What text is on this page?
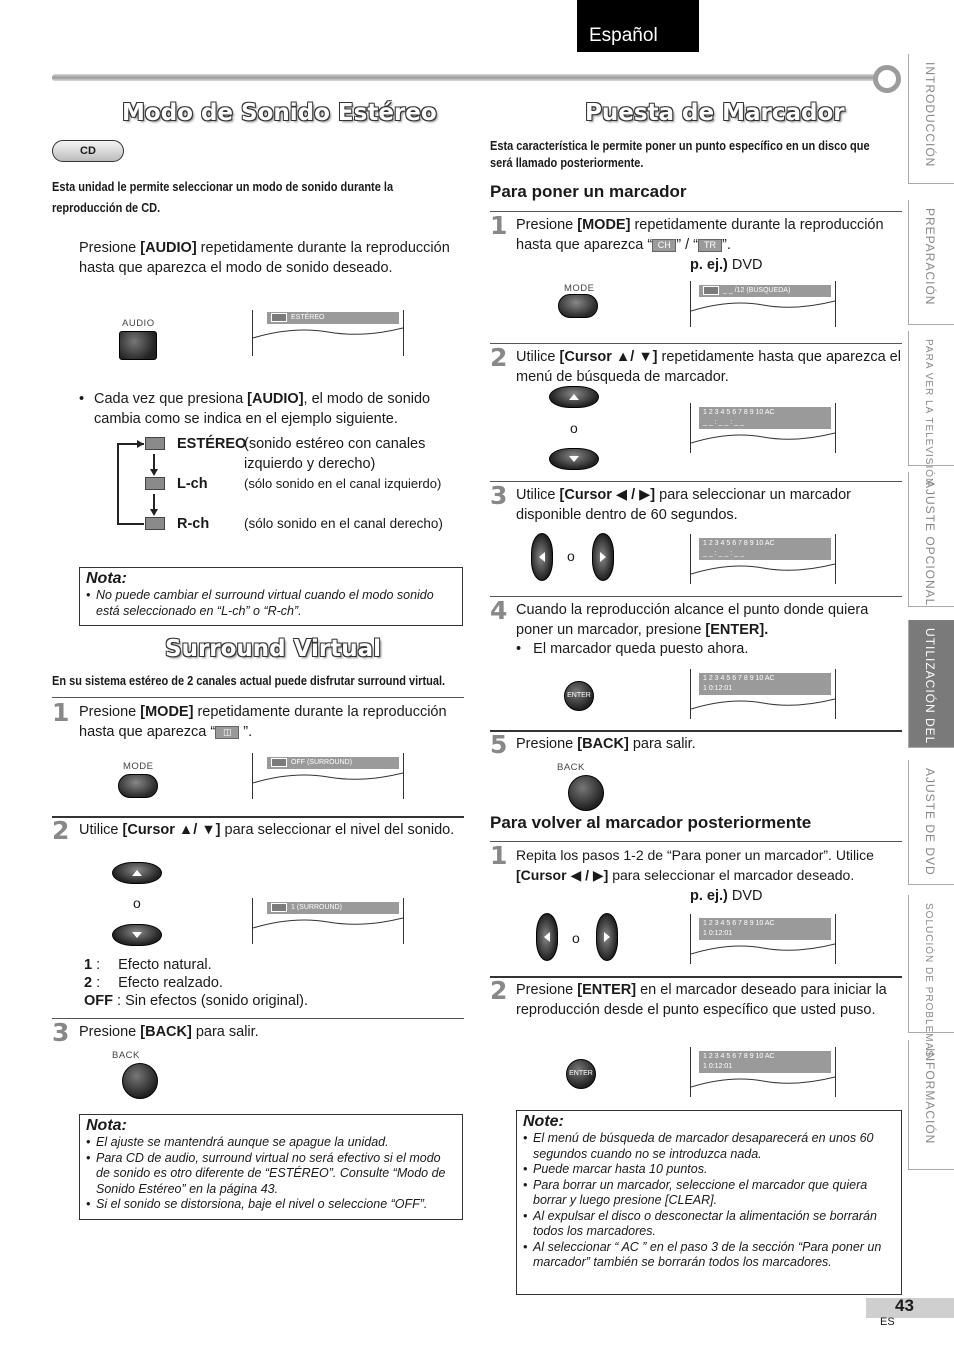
Español
Modo de Sonido Estéreo
CD
Esta unidad le permite seleccionar un modo de sonido durante la reproducción de CD.
Presione [AUDIO] repetidamente durante la reproducción hasta que aparezca el modo de sonido deseado.
AUDIO
ESTÉREO
• Cada vez que presiona [AUDIO], el modo de sonido cambia como se indica en el ejemplo siguiente.
ESTÉREO
(sonido estéreo con canales izquierdo y derecho)
L-ch	(sólo sonido en el canal izquierdo)
R-ch	(sólo sonido en el canal derecho)
Nota:
• No puede cambiar el surround virtual cuando el modo sonido está seleccionado en “L-ch” o “R-ch”.
Surround Virtual
En su sistema estéreo de 2 canales actual puede disfrutar surround virtual.
1 Presione [MODE] repetidamente durante la reproducción hasta que aparezca “ ◫ ”.
MODE	OFF (SURROUND)
2 Utilice [Cursor ▲/ ▼] para seleccionar el nivel del sonido.
o	1 (SURROUND)
1 : Efecto natural.
2 : Efecto realzado.
OFF : Sin efectos (sonido original).
3 Presione [BACK] para salir.
BACK
Nota:
• El ajuste se mantendrá aunque se apague la unidad.
• Para CD de audio, surround virtual no será efectivo si el modo de sonido es otro diferente de “ESTÉREO”. Consulte “Modo de Sonido Estéreo” en la página 43.
• Si el sonido se distorsiona, baje el nivel o seleccione “OFF”.
Puesta de Marcador
Esta característica le permite poner un punto específico en un disco que será llamado posteriormente.
Para poner un marcador
1 Presione [MODE] repetidamente durante la reproducción hasta que aparezca “ CH ” / “ TR ”.
p. ej.) DVD
MODE	_ _ /12 (BÚSQUEDA)
2 Utilice [Cursor ▲/ ▼] repetidamente hasta que aparezca el menú de búsqueda de marcador.
o
1 2 3 4 5 6 7 8 9 10 AC
_ _ : _ _ : _ _
3 Utilice [Cursor ◀ / ▶] para seleccionar un marcador disponible dentro de 60 segundos.
o
1 2 3 4 5 6 7 8 9 10 AC
_ _ : _ _ : _ _
4 Cuando la reproducción alcance el punto donde quiera poner un marcador, presione [ENTER].
•   El marcador queda puesto ahora.
ENTER
1 2 3 4 5 6 7 8 9 10 AC
1 0:12:01
5 Presione [BACK] para salir.
BACK
Para volver al marcador posteriormente
1 Repita los pasos 1-2 de “Para poner un marcador”. Utilice [Cursor ◀ / ▶] para seleccionar el marcador deseado.
p. ej.) DVD
o
1 2 3 4 5 6 7 8 9 10 AC
1 0:12:01
2 Presione [ENTER] en el marcador deseado para iniciar la reproducción desde el punto específico que usted puso.
ENTER
1 2 3 4 5 6 7 8 9 10 AC
1 0:12:01
Note:
• El menú de búsqueda de marcador desaparecerá en unos 60 segundos cuando no se introduzca nada.
• Puede marcar hasta 10 puntos.
• Para borrar un marcador, seleccione el marcador que quiera borrar y luego presione [CLEAR].
• Al expulsar el disco o desconectar la alimentación se borrarán todos los marcadores.
• Al seleccionar “ AC ” en el paso 3 de la sección “Para poner un marcador” también se borrarán todos los marcadores.
INTRODUCCIÓN
PREPARACIÓN
PARA VER LA TELEVISIÓN
AJUSTE OPCIONAL
UTILIZACIÓN DEL DVD
AJUSTE DE DVD
SOLUCIÓN DE PROBLEMAS
INFORMACIÓN
43
ES
